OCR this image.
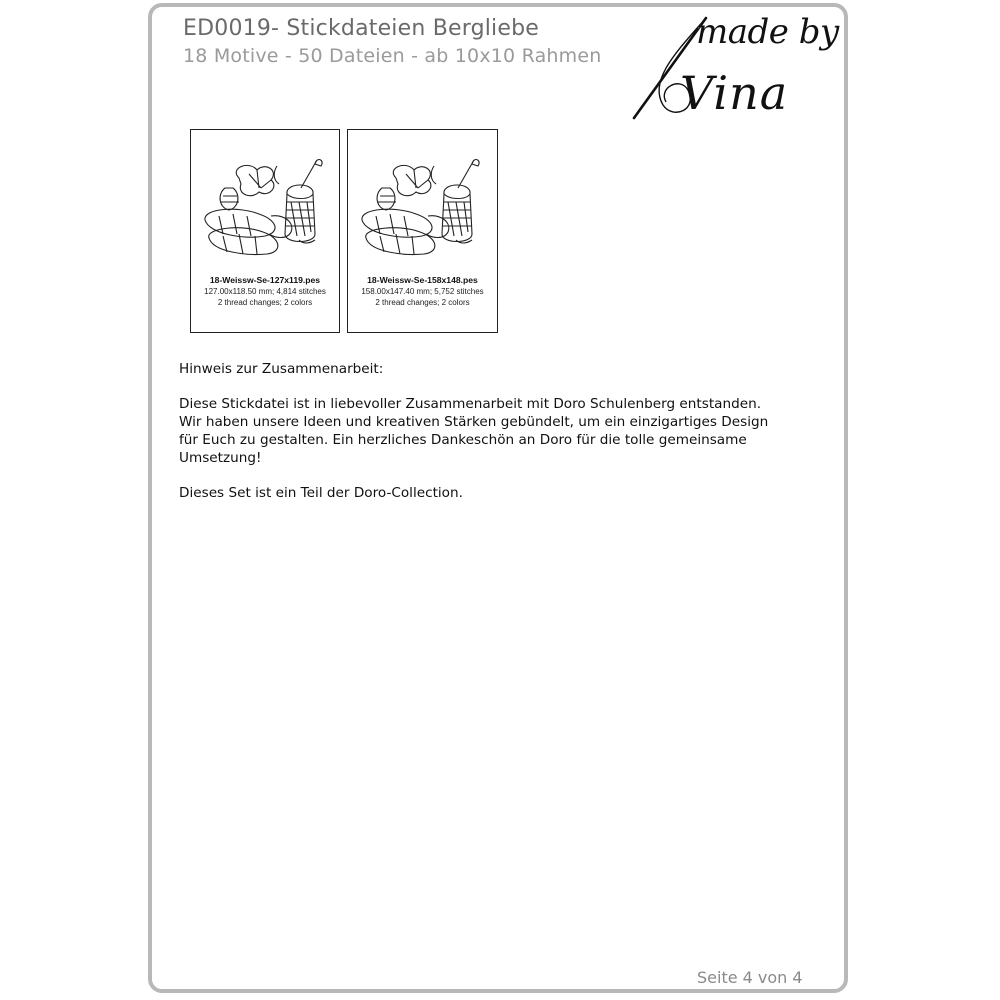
ED0019- Stickdateien Bergliebe
18 Motive - 50 Dateien - ab 10x10 Rahmen
made by
Vina
18-Weissw-Se-127x119.pes
127.00x118.50 mm; 4,814 stitches
2 thread changes; 2 colors
18-Weissw-Se-158x148.pes
158.00x147.40 mm; 5,752 stitches
2 thread changes; 2 colors
Hinweis zur Zusammenarbeit:
Diese Stickdatei ist in liebevoller Zusammenarbeit mit Doro Schulenberg entstanden.
Wir haben unsere Ideen und kreativen Stärken gebündelt, um ein einzigartiges Design
für Euch zu gestalten. Ein herzliches Dankeschön an Doro für die tolle gemeinsame
Umsetzung!
Dieses Set ist ein Teil der Doro-Collection.
Seite 4 von 4
